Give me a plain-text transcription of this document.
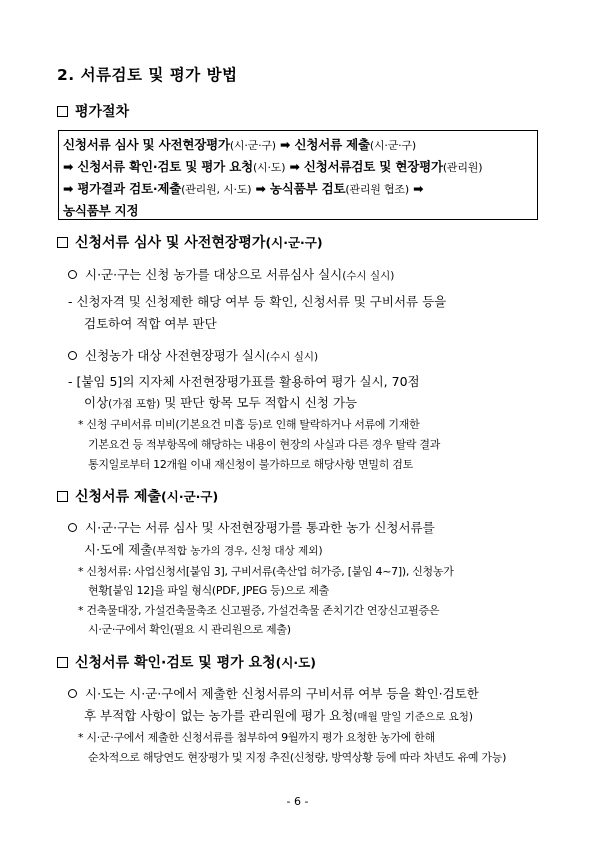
2. 서류검토 및 평가 방법
평가절차
신청서류 심사 및 사전현장평가(시·군·구) ➡ 신청서류 제출(시·군·구)
➡ 신청서류 확인·검토 및 평가 요청(시·도) ➡ 신청서류검토 및 현장평가(관리원)
➡ 평가결과 검토·제출(관리원, 시·도) ➡ 농식품부 검토(관리원 협조) ➡
농식품부 지정
신청서류 심사 및 사전현장평가 (시·군·구)
시·군·구는 신청 농가를 대상으로 서류심사 실시(수시 실시)
- 신청자격 및 신청제한 해당 여부 등 확인, 신청서류 및 구비서류 등을
검토하여 적합 여부 판단
신청농가 대상 사전현장평가 실시(수시 실시)
- [붙임 5]의 지자체 사전현장평가표를 활용하여 평가 실시, 70점
이상(가점 포함) 및 판단 항목 모두 적합시 신청 가능
* 신청 구비서류 미비(기본요건 미흡 등)로 인해 탈락하거나 서류에 기재한
기본요건 등 적부항목에 해당하는 내용이 현장의 사실과 다른 경우 탈락 결과
통지일로부터 12개월 이내 재신청이 불가하므로 해당사항 면밀히 검토
신청서류 제출 (시·군·구)
시·군·구는 서류 심사 및 사전현장평가를 통과한 농가 신청서류를
시·도에 제출(부적합 농가의 경우, 신청 대상 제외)
* 신청서류: 사업신청서[붙임 3], 구비서류(축산업 허가증, [붙임 4~7]), 신청농가
현황[붙임 12]을 파일 형식(PDF, JPEG 등)으로 제출
* 건축물대장, 가설건축물축조 신고필증, 가설건축물 존치기간 연장신고필증은
시·군·구에서 확인(필요 시 관리원으로 제출)
신청서류 확인·검토 및 평가 요청 (시·도)
시·도는 시·군·구에서 제출한 신청서류의 구비서류 여부 등을 확인·검토한
후 부적합 사항이 없는 농가를 관리원에 평가 요청(매월 말일 기준으로 요청)
* 시·군·구에서 제출한 신청서류를 첨부하여 9월까지 평가 요청한 농가에 한해
순차적으로 해당연도 현장평가 및 지정 추진(신청량, 방역상황 등에 따라 차년도 유예 가능)
- 6 -
